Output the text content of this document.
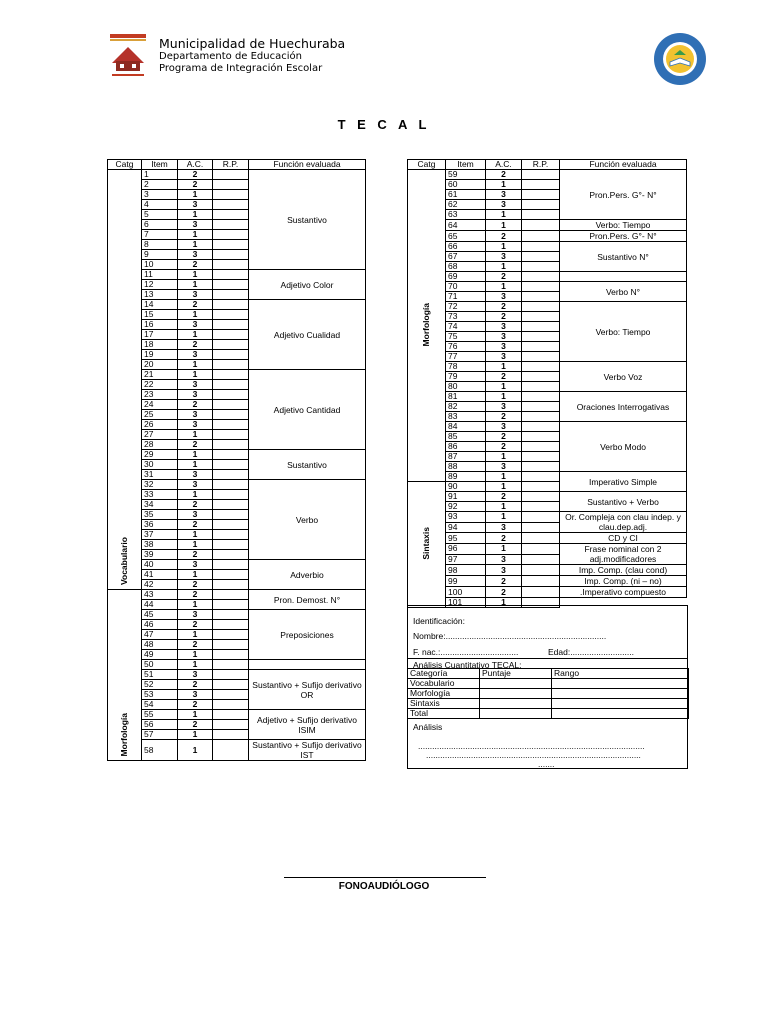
Municipalidad de Huechuraba
Departamento de Educación
Programa de Integración Escolar
T E C A L
Catg	Item	A.C.	R.P.	Función evaluada
Vocabulario	1	2		Sustantivo
	2	2		
	3	1		
	4	3		
	5	1		
	6	3		
	7	1		
	8	1		
	9	3		
	10	2		
	11	1		Adjetivo Color
	12	1		
	13	3		
	14	2		Adjetivo Cualidad
	15	1		
	16	3		
	17	1		
	18	2		
	19	3		
	20	1		
	21	1		Adjetivo Cantidad
	22	3		
	23	3		
	24	2		
	25	3		
	26	3		
	27	1		
	28	2		
	29	1		Sustantivo
	30	1		
	31	3		
	32	3		Verbo
	33	1		
	34	2		
	35	3		
	36	2		
	37	1		
	38	1		
	39	2		
	40	3		Adverbio
	41	1		
	42	2		
Morfología	43	2		Pron. Demost. N°
	44	1		
	45	3		Preposiciones
	46	2		
	47	1		
	48	2		
	49	1		
	50	1		
	51	3		Sustantivo + Sufijo derivativo OR
	52	2		
	53	3		
	54	2		
	55	1		Adjetivo + Sufijo derivativo ISIM
	56	2		
	57	1		
	58	1		Sustantivo + Sufijo derivativo IST
Catg	Item	A.C.	R.P.	Función evaluada
Morfología	59	2		Pron.Pers. G°- N°
	60	1		
	61	3		
	62	3		
	63	1		
	64	1		Verbo: Tiempo
	65	2		Pron.Pers. G°- N°
	66	1		Sustantivo N°
	67	3		
	68	1		
	69	2		
	70	1		Verbo N°
	71	3		
	72	2		Verbo: Tiempo
	73	2		
	74	3		
	75	3		
	76	3		
	77	3		
	78	1		Verbo Voz
	79	2		
	80	1		
	81	1		Oraciones Interrogativas
	82	3		
	83	2		
	84	3		Verbo Modo
	85	2		
	86	2		
	87	1		
	88	3		
	89	1		Imperativo Simple
Sintaxis	90	1		
	91	2		Sustantivo + Verbo
	92	1		
	93	1		Or. Compleja con clau indep. y clau.dep.adj.
	94	3		
	95	2		CD y CI
	96	1		Frase nominal con 2 adj.modificadores
	97	3		
	98	3		Imp. Comp. (clau cond)
	99	2		Imp. Comp. (ni – no)
	100	2		.Imperativo compuesto
	101	1		
Identificación:
Nombre:....................................................................
F. nac.:.................................	Edad:...........................
Análisis Cuantitativo TECAL:
Análisis
................................................................................................
...........................................................................................
.......
Categoría	Puntaje	Rango
Vocabulario		
Morfología		
Sintaxis		
Total		
FONOAUDIÓLOGO
